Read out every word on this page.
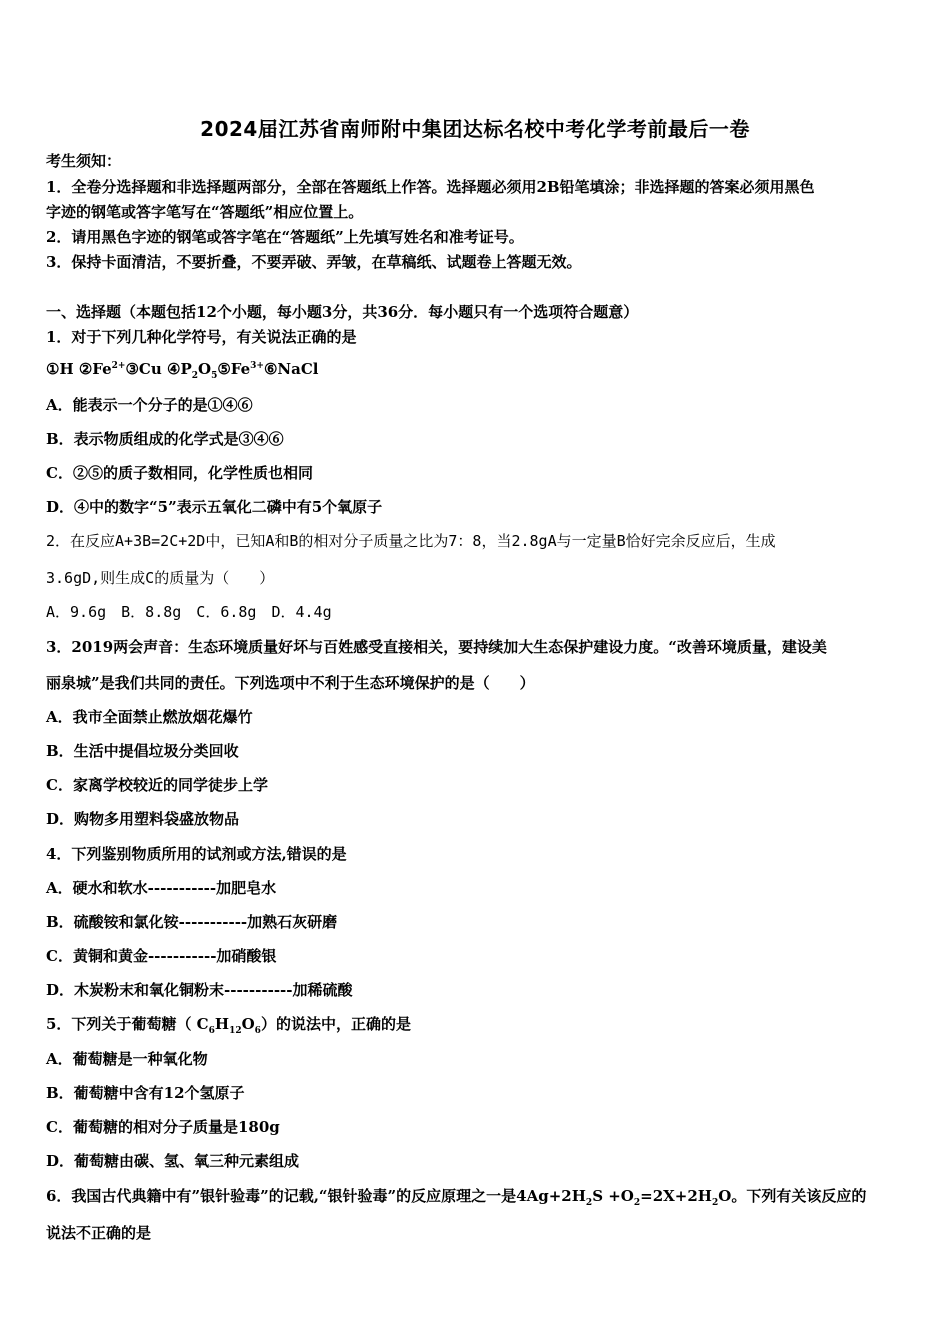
2024届江苏省南师附中集团达标名校中考化学考前最后一卷
考生须知：
1．全卷分选择题和非选择题两部分，全部在答题纸上作答。选择题必须用2B铅笔填涂；非选择题的答案必须用黑色
字迹的钢笔或答字笔写在“答题纸”相应位置上。
2．请用黑色字迹的钢笔或答字笔在“答题纸”上先填写姓名和准考证号。
3．保持卡面清洁，不要折叠，不要弄破、弄皱，在草稿纸、试题卷上答题无效。
一、选择题（本题包括12个小题，每小题3分，共36分．每小题只有一个选项符合题意）
1．对于下列几种化学符号，有关说法正确的是
①H $②Fe^{2+}③Cu$ $④P_2O_5⑤Fe^{3+}⑥NaCl$
A．能表示一个分子的是①④⑥
B．表示物质组成的化学式是③④⑥
C．②⑤的质子数相同，化学性质也相同
D．④中的数字“5”表示五氧化二磷中有5个氧原子
2．在反应A+3B=2C+2D中，已知A和B的相对分子质量之比为7：8，当2.8gA与一定量B恰好完余反应后，生成
3.6gD,则生成C的质量为（　　）
A．9.6g　B．8.8g　C．6.8g　D．4.4g
3．2019两会声音：生态环境质量好坏与百姓感受直接相关，要持续加大生态保护建设力度。“改善环境质量，建设美
丽泉城”是我们共同的责任。下列选项中不利于生态环境保护的是（　　）
A．我市全面禁止燃放烟花爆竹
B．生活中提倡垃圾分类回收
C．家离学校较近的同学徒步上学
D．购物多用塑料袋盛放物品
4．下列鉴别物质所用的试剂或方法,错误的是
A．硬水和软水-----------加肥皂水
B．硫酸铵和氯化铵-----------加熟石灰研磨
C．黄铜和黄金-----------加硝酸银
D．木炭粉末和氧化铜粉末-----------加稀硫酸
5．下列关于葡萄糖（ $C_6H_{12}O_6$）的说法中，正确的是
A．葡萄糖是一种氧化物
B．葡萄糖中含有12个氢原子
C．葡萄糖的相对分子质量是180g
D．葡萄糖由碳、氢、氧三种元素组成
6．我国古代典籍中有”银针验毒”的记载,“银针验毒”的反应原理之一是$4Ag+2H_2S +O_2=2X+2H_2O$。下列有关该反应的
说法不正确的是
